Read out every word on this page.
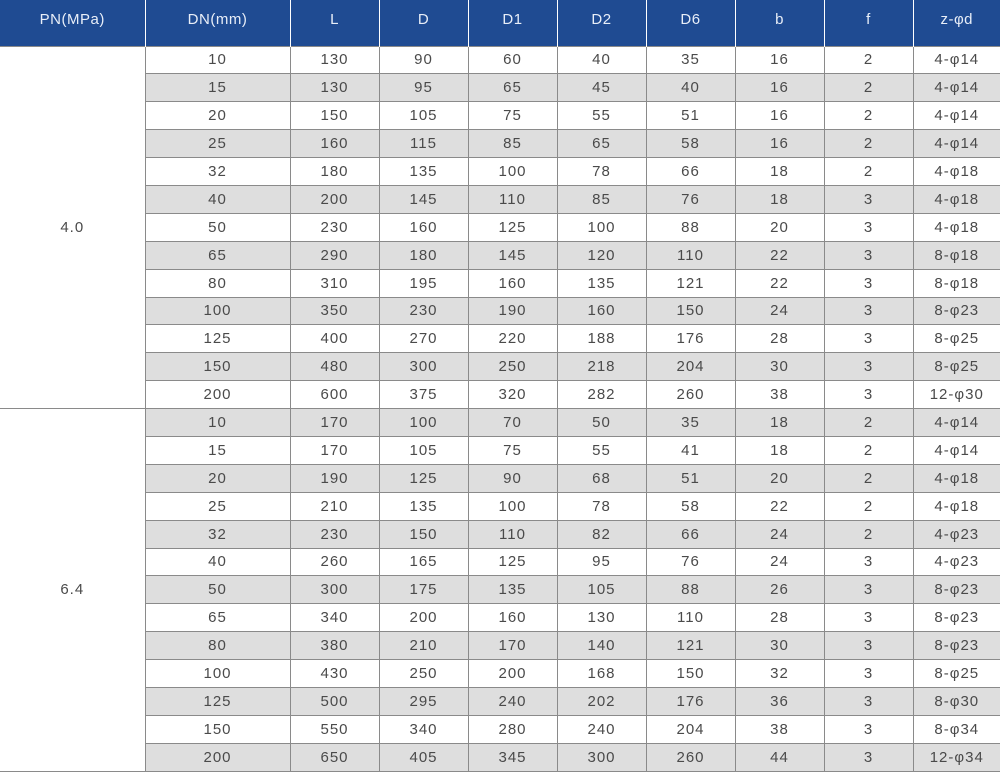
PN(MPa)	DN(mm)	L	D	D1	D2	D6	b	f	z-φd
4.0	10	130	90	60	40	35	16	2	4-φ14
	15	130	95	65	45	40	16	2	4-φ14
	20	150	105	75	55	51	16	2	4-φ14
	25	160	115	85	65	58	16	2	4-φ14
	32	180	135	100	78	66	18	2	4-φ18
	40	200	145	110	85	76	18	3	4-φ18
	50	230	160	125	100	88	20	3	4-φ18
	65	290	180	145	120	110	22	3	8-φ18
	80	310	195	160	135	121	22	3	8-φ18
	100	350	230	190	160	150	24	3	8-φ23
	125	400	270	220	188	176	28	3	8-φ25
	150	480	300	250	218	204	30	3	8-φ25
	200	600	375	320	282	260	38	3	12-φ30
6.4	10	170	100	70	50	35	18	2	4-φ14
	15	170	105	75	55	41	18	2	4-φ14
	20	190	125	90	68	51	20	2	4-φ18
	25	210	135	100	78	58	22	2	4-φ18
	32	230	150	110	82	66	24	2	4-φ23
	40	260	165	125	95	76	24	3	4-φ23
	50	300	175	135	105	88	26	3	8-φ23
	65	340	200	160	130	110	28	3	8-φ23
	80	380	210	170	140	121	30	3	8-φ23
	100	430	250	200	168	150	32	3	8-φ25
	125	500	295	240	202	176	36	3	8-φ30
	150	550	340	280	240	204	38	3	8-φ34
	200	650	405	345	300	260	44	3	12-φ34
